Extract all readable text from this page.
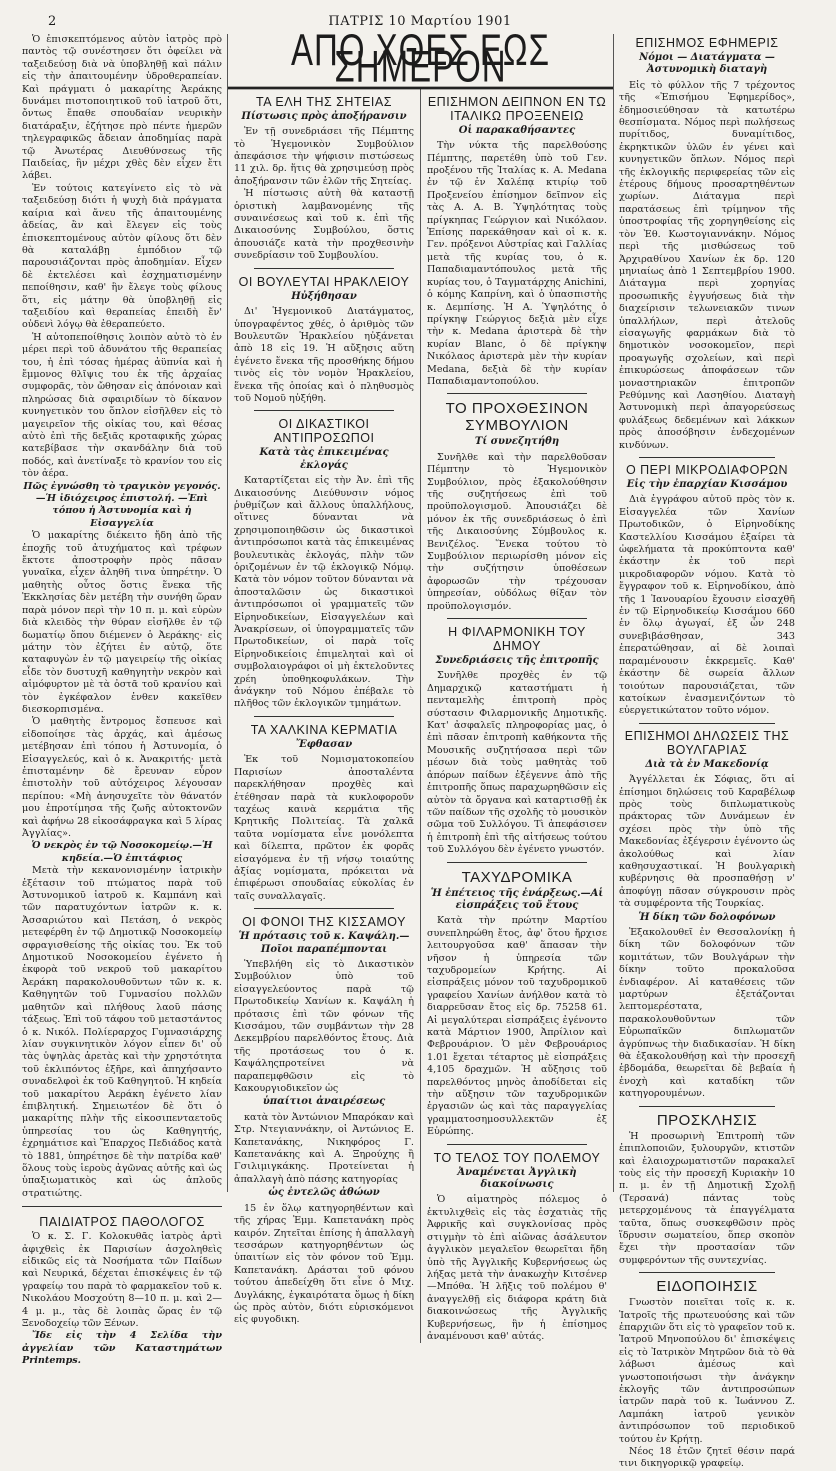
2	ΠΑΤΡΙΣ 10 Μαρτίου 1901

Ὁ ἐπισκεπτόμενος αὐτὸν ἰατρὸς πρὸ παντὸς τῷ συνέστησεν ὅτι ὀφείλει νὰ ταξειδεύσῃ διὰ νὰ ὑποβληθῇ καὶ πάλιν εἰς τὴν ἀπαιτουμένην ὑδροθεραπείαν. Καὶ πράγματι ὁ μακαρίτης Ἀεράκης δυνάμει πιστοποιητικοῦ τοῦ ἰατροῦ ὅτι, ὄντως ἔπαθε σπουδαίαν νευρικὴν διατάραξιν, ἐζήτησε πρὸ πέντε ἡμερῶν τηλεγραφικῶς ἄδειαν ἀποδημίας παρὰ τῷ Ἀνωτέρας Διευθύνσεως τῆς Παιδείας, ἣν μέχρι χθὲς δὲν εἶχεν ἔτι λάβει.

Ἐν τούτοις κατεγίνετο εἰς τὸ νὰ ταξειδεύσῃ διότι ἡ ψυχὴ διὰ πράγματα καίρια καὶ ἄνευ τῆς ἀπαιτουμένης ἀδείας, ἂν καὶ ἔλεγεν εἰς τοὺς ἐπισκεπτομένους αὐτὸν φίλους ὅτι δὲν θὰ καταλάβῃ ἐμπόδιον τῷ παρουσιάζονται πρὸς ἀποδημίαν. Εἶχεν δὲ ἐκτελέσει καὶ ἐσχηματισμένην πεποίθησιν, καθ' ἣν ἔλεγε τοὺς φίλους ὅτι, εἰς μάτην θὰ ὑποβληθῇ εἰς ταξειδίου καὶ θεραπείας ἐπειδὴ ἔν' οὐδενὶ λόγῳ θὰ ἐθεραπεύετο.

Ἡ αὐτοπεποίθησις λοιπὸν αὐτὸ τὸ ἐν μέρει περὶ τοῦ ἀδυνάτου τῆς θεραπείας του, ἡ ἐπὶ τόσας ἡμέρας ἀϋπνία καὶ ἡ ἔμμονος θλῖψις του ἐκ τῆς ἀρχαίας συμφορᾶς, τὸν ὤθησαν εἰς ἀπόνοιαν καὶ πληρώσας διὰ σφαιριδίων τὸ δίκανον κυνηγετικὸν του ὅπλον εἰσῆλθεν εἰς τὸ μαγειρεῖον τῆς οἰκίας του, καὶ θέσας αὐτὸ ἐπὶ τῆς δεξιᾶς κροταφικῆς χώρας κατεβίβασε τὴν σκανδάλην διὰ τοῦ ποδός, καὶ ἀνετίναξε τὸ κρανίον του εἰς τὸν ἀέρα.

Πῶς ἐγνώσθη τὸ τραγικὸν γεγονός.—Ἡ ἰδιόχειρος ἐπιστολή. —Ἐπὶ τόπου ἡ Ἀστυνομία καὶ ἡ Εἰσαγγελία

Ὁ μακαρίτης διέκειτο ἤδη ἀπὸ τῆς ἐποχῆς τοῦ ἀτυχήματος καὶ τρέφων ἔκτοτε ἀποστροφὴν πρὸς πᾶσαν γυναῖκα, εἶχεν ἀληθῆ τινα ὑπηρέτην. Ὁ μαθητὴς οὗτος ὅστις ἕνεκα τῆς Ἐκκλησίας δὲν μετέβη τὴν συνήθη ὥραν παρὰ μόνον περὶ τὴν 10 π. μ. καὶ εὑρὼν διὰ κλειδὸς τὴν θύραν εἰσῆλθε ἐν τῷ δωματίῳ ὅπου διέμενεν ὁ Ἀεράκης· εἰς μάτην τὸν ἐζήτει ἐν αὐτῷ, ὅτε καταφυγὼν ἐν τῷ μαγειρείῳ τῆς οἰκίας εἶδε τὸν δυστυχῆ καθηγητὴν νεκρὸν καὶ αἱμόφυρτον μὲ τὰ ὀστᾶ τοῦ κρανίου καὶ τὸν ἐγκέφαλον ἐνθεν κακεῖθεν διεσκορπισμένα.

Ὁ μαθητὴς ἔντρομος ἔσπευσε καὶ εἰδοποίησε τὰς ἀρχάς, καὶ ἀμέσως μετέβησαν ἐπὶ τόπου ἡ Ἀστυνομία, ὁ Εἰσαγγελεύς, καὶ ὁ κ. Ἀνακριτής· μετὰ ἐπισταμένην δὲ ἔρευναν εὗρον ἐπιστολὴν τοῦ αὐτόχειρος λέγουσαν περίπου: «Μὴ ἀνησυχεῖτε τὸν θάνατόν μου ἐπροτίμησα τῆς ζωῆς αὐτοκτονῶν καὶ ἀφήνω 28 εἰκοσάφραγκα καὶ 5 λίρας Ἀγγλίας».

Ὁ νεκρὸς ἐν τῷ Νοσοκομείῳ.—Ἡ κηδεία.—Ὁ ἐπιτάφιος

Μετὰ τὴν κεκανονισμένην ἰατρικὴν ἐξέτασιν τοῦ πτώματος παρὰ τοῦ Ἀστυνομικοῦ ἰατροῦ κ. Καμπάνη καὶ τῶν παρατυχόντων ἰατρῶν κ. κ. Ἀσσαριώτου καὶ Πετάση, ὁ νεκρὸς μετεφέρθη ἐν τῷ Δημοτικῷ Νοσοκομείῳ σφραγισθείσης τῆς οἰκίας του. Ἐκ τοῦ Δημοτικοῦ Νοσοκομείου ἐγένετο ἡ ἐκφορὰ τοῦ νεκροῦ τοῦ μακαρίτου Ἀεράκη παρακολουθοῦντων τῶν κ. κ. Καθηγητῶν τοῦ Γυμνασίου πολλῶν μαθητῶν καὶ πλήθους λαοῦ πάσης τάξεως. Ἐπὶ τοῦ τάφου τοῦ μεταστάντος ὁ κ. Νικόλ. Πολίεραρχος Γυμνασιάρχης λίαν συγκινητικὸν λόγον εἶπεν δι' οὗ τὰς ὑψηλὰς ἀρετὰς καὶ τὴν χρηστότητα τοῦ ἐκλιπόντος ἐξῆρε, καὶ ἀπηχήσαντο συναδελφοὶ ἐκ τοῦ Καθηγητοῦ. Ἡ κηδεία τοῦ μακαρίτου Ἀεράκη ἐγένετο λίαν ἐπιβλητική. Σημειωτέον δὲ ὅτι ὁ μακαρίτης πλὴν τῆς εἰκοσιπενταετοῦς ὑπηρεσίας του ὡς Καθηγητής, ἐχρημάτισε καὶ Ἔπαρχος Πεδιάδος κατὰ τὸ 1881, ὑπηρέτησε δὲ τὴν πατρίδα καθ' ὅλους τοὺς ἱεροὺς ἀγῶνας αὐτῆς καὶ ὡς ὑπαξιωματικὸς καὶ ὡς ἁπλοῦς στρατιώτης.

ΠΑΙΔΙΑΤΡΟΣ ΠΑΘΟΛΟΓΟΣ

Ὁ κ. Σ. Γ. Κολοκυθᾶς ἰατρὸς ἀρτὶ ἀφιχθεὶς ἐκ Παρισίων ἀσχοληθεὶς εἰδικῶς εἰς τὰ Νοσήματα τῶν Παίδων καὶ Νευρικά, δέχεται ἐπισκέψεις ἐν τῷ γραφείῳ του παρὰ τὸ φαρμακεῖον τοῦ κ. Νικολάου Μοσχούτη 8—10 π. μ. καὶ 2—4 μ. μ., τὰς δὲ λοιπὰς ὥρας ἐν τῷ Ξενοδοχείῳ τῶν Ξένων.

Ἴδε εἰς τὴν 4 Σελίδα τὴν ἀγγελίαν τῶν Καταστημάτων Printemps.

ΑΠΟ ΧΘΕΣ ΕΩΣ ΣΗΜΕΡΟΝ
ΤΑ ΕΛΗ ΤΗΣ ΣΗΤΕΙΑΣ
Πίστωσις πρὸς ἀποξήρανσιν

Ἐν τῇ συνεδριάσει τῆς Πέμπτης τὸ Ἡγεμονικὸν Συμβούλιον ἀπεφάσισε τὴν ψήφισιν πιστώσεως 11 χιλ. δρ. ἥτις θὰ χρησιμεύσῃ πρὸς ἀποξήρανσιν τῶν ἑλῶν τῆς Σητείας.

Ἡ πίστωσις αὐτὴ θὰ καταστῇ ὁριστικὴ λαμβανομένης τῆς συναινέσεως καὶ τοῦ κ. ἐπὶ τῆς Δικαιοσύνης Συμβούλου, ὅστις ἀπουσιάζε κατὰ τὴν προχθεσινὴν συνεδρίασιν τοῦ Συμβουλίου.

ΟΙ ΒΟΥΛΕΥΤΑΙ ΗΡΑΚΛΕΙΟΥ
Ηὐξήθησαν

Δι' Ἡγεμονικοῦ Διατάγματος, ὑπογραφέντος χθές, ὁ ἀριθμὸς τῶν Βουλευτῶν Ἡρακλείου ηὐξάνεται ἀπὸ 18 εἰς 19. Ἡ αὔξησις αὕτη ἐγένετο ἕνεκα τῆς προσθήκης δήμου τινὸς εἰς τὸν νομὸν Ἡρακλείου, ἕνεκα τῆς ὁποίας καὶ ὁ πληθυσμὸς τοῦ Νομοῦ ηὐξήθη.

ΟΙ ΔΙΚΑΣΤΙΚΟΙ ΑΝΤΙΠΡΟΣΩΠΟΙ
Κατὰ τὰς ἐπικειμένας ἐκλογάς

Καταρτίζεται εἰς τὴν Ἀν. ἐπὶ τῆς Δικαιοσύνης Διεύθυνσιν νόμος ῥυθμίζων καὶ ἄλλους ὑπαλλήλους, οἵτινες δύνανται νὰ χρησιμοποιηθῶσιν ὡς δικαστικοὶ ἀντιπρόσωποι κατὰ τὰς ἐπικειμένας βουλευτικὰς ἐκλογάς, πλὴν τῶν ὁριζομένων ἐν τῷ ἐκλογικῷ Νόμῳ. Κατὰ τὸν νόμον τοῦτον δύνανται νὰ ἀποσταλῶσιν ὡς δικαστικοὶ ἀντιπρόσωποι οἱ γραμματεῖς τῶν Εἰρηνοδικείων, Εἰσαγγελέων καὶ Ἀνακρίσεων, οἱ ὑπογραμματεῖς τῶν Πρωτοδικείων, οἱ παρὰ τοῖς Εἰρηνοδικείοις ἐπιμεληταὶ καὶ οἱ συμβολαιογράφοι οἱ μὴ ἐκτελοῦντες χρέη ὑποθηκοφυλάκων. Τὴν ἀνάγκην τοῦ Νόμου ἐπέβαλε τὸ πλῆθος τῶν ἐκλογικῶν τμημάτων.

ΤΑ ΧΑΛΚΙΝΑ ΚΕΡΜΑΤΙΑ
Ἔφθασαν

Ἐκ τοῦ Νομισματοκοπείου Παρισίων ἀποσταλέντα παρεκλήθησαν προχθὲς καὶ ἐτέθησαν παρὰ τὰ κυκλοφοροῦν ταχέως καινὰ κερμάτια τῆς Κρητικῆς Πολιτείας. Τὰ χαλκᾶ ταῦτα νομίσματα εἶνε μονόλεπτα καὶ δίλεπτα, πρῶτον ἐκ φορᾶς εἰσαγόμενα ἐν τῇ νήσῳ τοιαύτης ἀξίας νομίσματα, πρόκειται νὰ ἐπιφέρωσι σπουδαίας εὐκολίας ἐν ταῖς συναλλαγαῖς.

ΟΙ ΦΟΝΟΙ ΤΗΣ ΚΙΣΣΑΜΟΥ
Ἡ πρότασις τοῦ κ. Καψάλη.—Ποῖοι παραπέμπονται

Ὑπεβλήθη εἰς τὸ Δικαστικὸν Συμβούλιον ὑπὸ τοῦ εἰσαγγελεύοντος παρὰ τῷ Πρωτοδικείῳ Χανίων κ. Καψάλη ἡ πρότασις ἐπὶ τῶν φόνων τῆς Κισσάμου, τῶν συμβάντων τὴν 28 Δεκεμβρίου παρελθόντος ἔτους. Διὰ τῆς προτάσεως του ὁ κ. Καψάληςπροτείνει νὰ παραπεμφθῶσιν εἰς τὸ Κακουργιοδικεῖον ὡς

ὑπαίτιοι ἀναιρέσεως

κατὰ τὸν Ἀντώνιον Μπαρόκαν καὶ Στρ. Ντεγιαννάκην, οἱ Ἀντώνιος Ε. Καπετανάκης, Νικηφόρος Γ. Καπετανάκης καὶ Α. Ξηρούχης ἢ Γσιλιμιγκάκης. Προτείνεται ἡ ἀπαλλαγὴ ἀπὸ πάσης κατηγορίας

ὡς ἐντελῶς ἀθώων

15 ἐν ὅλῳ κατηγορηθέντων καὶ τῆς χήρας Ἐμμ. Καπετανάκη πρὸς καιρόν. Ζητεῖται ἐπίσης ἡ ἀπαλλαγὴ τεσσάρων κατηγορηθέντων ὡς ὑπαιτίων εἰς τὸν φόνον τοῦ Ἐμμ. Καπετανάκη. Δράσται τοῦ φόνου τούτου ἀπεδείχθη ὅτι εἶνε ὁ Μιχ. Δυγλάκης, ἐγκαιρότατα ὅμως ἡ δίκη ὡς πρὸς αὐτὸν, διότι εὑρισκόμενοι εἰς φυγοδικη.

ΕΠΙΣΗΜΟΝ ΔΕΙΠΝΟΝ ΕΝ ΤΩ ΙΤΑΛΙΚΩ ΠΡΟΞΕΝΕΙΩ
Οἱ παρακαθήσαντες

Τὴν νύκτα τῆς παρελθούσης Πέμπτης, παρετέθη ὑπὸ τοῦ Γεν. προξένου τῆς Ἰταλίας κ. Α. Medana ἐν τῷ ἐν Χαλέπᾳ κτιρίῳ τοῦ Προξενείου ἐπίσημον δεῖπνον εἰς τὰς Α. Α. Β. Ὑψηλότητας τοὺς πρίγκηπας Γεώργιον καὶ Νικόλαον. Ἐπίσης παρεκάθησαν καὶ οἱ κ. κ. Γεν. πρόξενοι Αὐστρίας καὶ Γαλλίας μετὰ τῆς κυρίας του, ὁ κ. Παπαδιαμαντόπουλος μετὰ τῆς κυρίας του, ὁ Ταγματάρχης Anichini, ὁ κόμης Καπρίνη, καὶ ὁ ὑπασπιστὴς κ. Δεμπίσης. Ἡ Α. Ὑψηλότης ὁ πρίγκηψ Γεώργιος δεξιὰ μὲν εἶχε τὴν κ. Medana ἀριστερὰ δὲ τὴν κυρίαν Blanc, ὁ δὲ πρίγκηψ Νικόλαος ἀριστερὰ μὲν τὴν κυρίαν Medana, δεξιὰ δὲ τὴν κυρίαν Παπαδιαμαντοπούλου.

ΤΟ ΠΡΟΧΘΕΣΙΝΟΝ ΣΥΜΒΟΥΛΙΟΝ
Τί συνεζητήθη

Συνῆλθε καὶ τὴν παρελθοῦσαν Πέμπτην τὸ Ἡγεμονικὸν Συμβούλιον, πρὸς ἐξακολούθησιν τῆς συζητήσεως ἐπὶ τοῦ προϋπολογισμοῦ. Ἀπουσιάζει δὲ μόνον ἐκ τῆς συνεδριάσεως ὁ ἐπὶ τῆς Δικαιοσύνης Σύμβουλος κ. Βενιζέλος. Ἕνεκα τούτου τὸ Συμβούλιον περιωρίσθη μόνον εἰς τὴν συζήτησιν ὑποθέσεων ἀφορωσῶν τὴν τρέχουσαν ὑπηρεσίαν, οὐδόλως θίξαν τὸν προϋπολογισμόν.

Η ΦΙΛΑΡΜΟΝΙΚΗ ΤΟΥ ΔΗΜΟΥ
Συνεδριάσεις τῆς ἐπιτροπῆς

Συνῆλθε προχθὲς ἐν τῷ Δημαρχικῷ καταστήματι ἡ πενταμελὴς ἐπιτροπὴ πρὸς σύστασιν Φιλαρμονικῆς Δημοτικῆς. Κατ' ἀσφαλεῖς πληροφορίας μας, ὁ ἐπὶ πᾶσαν ἐπιτροπὴ καθήκοντα τῆς Μουσικῆς συζητήσασα περὶ τῶν μέσων διὰ τοὺς μαθητὰς τοῦ ἀπόρων παίδων ἐξέγεννε ἀπὸ τῆς ἐπιτροπῆς ὅπως παραχωρηθῶσιν εἰς αὐτὸν τὰ ὄργανα καὶ καταρτισθῇ ἐκ τῶν παίδων τῆς σχολῆς τὸ μουσικὸν σῶμα τοῦ Συλλόγου. Τὶ ἀπεφάσισεν ἡ ἐπιτροπὴ ἐπὶ τῆς αἰτήσεως τούτου τοῦ Συλλόγου δὲν ἐγένετο γνωστόν.

ΤΑΧΥΔΡΟΜΙΚΑ
Ἡ ἐπέτειος τῆς ἐνάρξεως.—Αἱ εἰσπράξεις τοῦ ἔτους

Κατὰ τὴν πρώτην Μαρτίου συνεπληρώθη ἔτος, ἀφ' ὅτου ἤρχισε λειτουργοῦσα καθ' ἅπασαν τὴν νῆσον ἡ ὑπηρεσία τῶν ταχυδρομείων Κρήτης. Αἱ εἰσπράξεις μόνον τοῦ ταχυδρομικοῦ γραφείου Χανίων ἀνήλθον κατὰ τὸ διαρρεῦσαν ἔτος εἰς δρ. 75258 61. Αἱ μεγαλύτεραι εἰσπράξεις ἐγένοντο κατὰ Μάρτιον 1900, Ἀπρίλιον καὶ Φεβρουάριον. Ὁ μὲν Φεβρουάριος 1.01 ἔχεται τέταρτος μὲ εἰσπράξεις 4,105 δραχμῶν. Ἡ αὔξησις τοῦ παρελθόντος μηνὸς ἀποδίδεται εἰς τὴν αὔξησιν τῶν ταχυδρομικῶν ἐργασιῶν ὡς καὶ τὰς παραγγελίας γραμματοσημοσυλλεκτῶν ἐξ Εὐρώπης.

ΤΟ ΤΕΛΟΣ ΤΟΥ ΠΟΛΕΜΟΥ
Ἀναμένεται Ἀγγλικὴ διακοίνωσις

Ὁ αἱματηρὸς πόλεμος ὁ ἐκτυλιχθεὶς εἰς τὰς ἐσχατιὰς τῆς Ἀφρικῆς καὶ συγκλονίσας πρὸς στιγμὴν τὸ ἐπὶ αἰῶνας ἀσάλευτον ἀγγλικὸν μεγαλεῖον θεωρεῖται ἤδη ὑπὸ τῆς Ἀγγλικῆς Κυβερνήσεως ὡς λήξας μετὰ τὴν ἀνακωχὴν Κιτσένερ—Μπόθα. Ἡ λῆξις τοῦ πολέμου θ' ἀναγγελθῇ εἰς διάφορα κράτη διὰ διακοινώσεως τῆς Ἀγγλικῆς Κυβερνήσεως, ἣν ἡ ἐπίσημος ἀναμένουσι καθ' αὐτάς.

ΕΠΙΣΗΜΟΣ ΕΦΗΜΕΡΙΣ
Νόμοι — Διατάγματα — Ἀστυνομικὴ διαταγὴ

Εἰς τὸ φύλλον τῆς 7 τρέχοντος τῆς «Ἐπισήμου Ἐφημερίδος», ἐδημοσιεύθησαν τὰ κατωτέρω θεσπίσματα. Νόμος περὶ πωλήσεως πυρίτιδος, δυναμίτιδος, ἐκρηκτικῶν ὑλῶν ἐν γένει καὶ κυνηγετικῶν ὅπλων. Νόμος περὶ τῆς ἐκλογικῆς περιφερείας τῶν εἰς ἑτέρους δήμους προσαρτηθέντων χωρίων. Διάταγμα περὶ παρατάσεως ἐπὶ τρίμηνον τῆς ὑποστροφίας τῆς χορηγηθείσης εἰς τὸν Ἐθ. Κωστογιαννάκην. Νόμος περὶ τῆς μισθώσεως τοῦ Ἀρχιραθίνου Χανίων ἐκ δρ. 120 μηνιαίως ἀπὸ 1 Σεπτεμβρίου 1900. Διάταγμα περὶ χορηγίας προσωπικῆς ἐγγυήσεως διὰ τὴν διαχείρισιν τελωνειακῶν τινων ὑπαλλήλων, περὶ ἀτελοῦς εἰσαγωγῆς φαρμάκων διὰ τὸ δημοτικὸν νοσοκομεῖον, περὶ προαγωγῆς σχολείων, καὶ περὶ ἐπικυρώσεως ἀποφάσεων τῶν μοναστηριακῶν ἐπιτροπῶν Ρεθύμνης καὶ Λασηθίου. Διαταγὴ Ἀστυνομικὴ περὶ ἀπαγορεύσεως φυλάξεως δεδεμένων καὶ λάκκων πρὸς ἀποσόβησιν ἐνδεχομένων κινδύνων.

Ο ΠΕΡΙ ΜΙΚΡΟΔΙΑΦΟΡΩΝ
Εἰς τὴν ἐπαρχίαν Κισσάμου

Διὰ ἐγγράφου αὐτοῦ πρὸς τὸν κ. Εἰσαγγελέα τῶν Χανίων Πρωτοδικῶν, ὁ Εἰρηνοδίκης Καστελλίου Κισσάμου ἐξαίρει τὰ ὠφελήματα τὰ προκύπτοντα καθ' ἑκάστην ἐκ τοῦ περὶ μικροδιαφορῶν νόμου. Κατὰ τὸ ἔγγραφον τοῦ κ. Εἰρηνοδίκου, ἀπὸ τῆς 1 Ἰανουαρίου ἔχουσιν εἰσαχθῆ ἐν τῷ Εἰρηνοδικείῳ Κισσάμου 660 ἐν ὅλῳ ἀγωγαί, ἐξ ὧν 248 συνεβιβάσθησαν, 343 ἐπερατώθησαν, αἱ δὲ λοιπαὶ παραμένουσιν ἐκκρεμεῖς. Καθ' ἑκάστην δὲ σωρεία ἄλλων τοιούτων παρουσιάζεται, τῶν κατοίκων ἐνασμενιζόντων τὸ εὐεργετικώτατον τοῦτο νόμον.

ΕΠΙΣΗΜΟΙ ΔΗΛΩΣΕΙΣ ΤΗΣ ΒΟΥΛΓΑΡΙΑΣ
Διὰ τὰ ἐν Μακεδονίᾳ

Ἀγγέλλεται ἐκ Σόφιας, ὅτι αἱ ἐπίσημοι δηλώσεις τοῦ Καραβέλωφ πρὸς τοὺς διπλωματικοὺς πράκτορας τῶν Δυνάμεων ἐν σχέσει πρὸς τὴν ὑπὸ τῆς Μακεδονίας ἐξέγερσιν ἐγένοντο ὡς ἀκολούθως καὶ λίαν καθησυχαστικαί. Ἡ βουλγαρικὴ κυβέρνησις θὰ προσπαθήσῃ ν' ἀποφύγῃ πᾶσαν σύγκρουσιν πρὸς τὰ συμφέροντα τῆς Τουρκίας.

Ἡ δίκη τῶν δολοφόνων

Ἐξακολουθεῖ ἐν Θεσσαλονίκῃ ἡ δίκη τῶν δολοφόνων τῶν κομιτάτων, τῶν Βουλγάρων τὴν δίκην τοῦτο προκαλοῦσα ἐνδιαφέρον. Αἱ καταθέσεις τῶν μαρτύρων ἐξετάζονται λεπτομερέστατα, παρακολουθοῦντων τῶν Εὐρωπαϊκῶν διπλωματῶν ἀγρύπνως τὴν διαδικασίαν. Ἡ δίκη θὰ ἐξακολουθήσῃ καὶ τὴν προσεχῆ ἑβδομάδα, θεωρεῖται δὲ βεβαία ἡ ἐνοχὴ καὶ καταδίκη τῶν κατηγορουμένων.

ΠΡΟΣΚΛΗΣΙΣ

Ἡ προσωρινὴ Ἐπιτροπὴ τῶν ἐπιπλοποιῶν, ξυλουργῶν, κτιστῶν καὶ ἐλαιοχρωματιστῶν παρακαλεῖ τοὺς εἰς τὴν προσεχῆ Κυριακὴν 10 π. μ. ἐν τῇ Δημοτικῇ Σχολῇ (Τερσανά) πάντας τοὺς μετερχομένους τὰ ἐπαγγέλματα ταῦτα, ὅπως συσκεφθῶσιν πρὸς ἵδρυσιν σωματείου, ὅπερ σκοπὸν ἔχει τὴν προστασίαν τῶν συμφερόντων τῆς συντεχνίας.

ΕΙΔΟΠΟΙΗΣΙΣ

Γνωστὸν ποιεῖται τοῖς κ. κ. Ἰατροῖς τῆς πρωτευούσης καὶ τῶν ἐπαρχιῶν ὅτι εἰς τὸ γραφεῖον τοῦ κ. Ἰατροῦ Μηνοπούλου δι' ἐπισκέψεις εἰς τὸ Ἰατρικὸν Μητρῶον διὰ τὸ θὰ λάβωσι ἁμέσως καὶ γνωστοποιήσωσι τὴν ἀνάγκην ἐκλογῆς τῶν ἀντιπροσώπων ἰατρῶν παρὰ τοῦ κ. Ἰωάννου Ζ. Λαμπάκη ἰατροῦ γενικὸν ἀντιπρόσωπον τοῦ περιοδικοῦ τούτου ἐν Κρήτῃ.

Νέος 18 ἐτῶν ζητεῖ θέσιν παρά τινι δικηγορικῷ γραφείῳ.
